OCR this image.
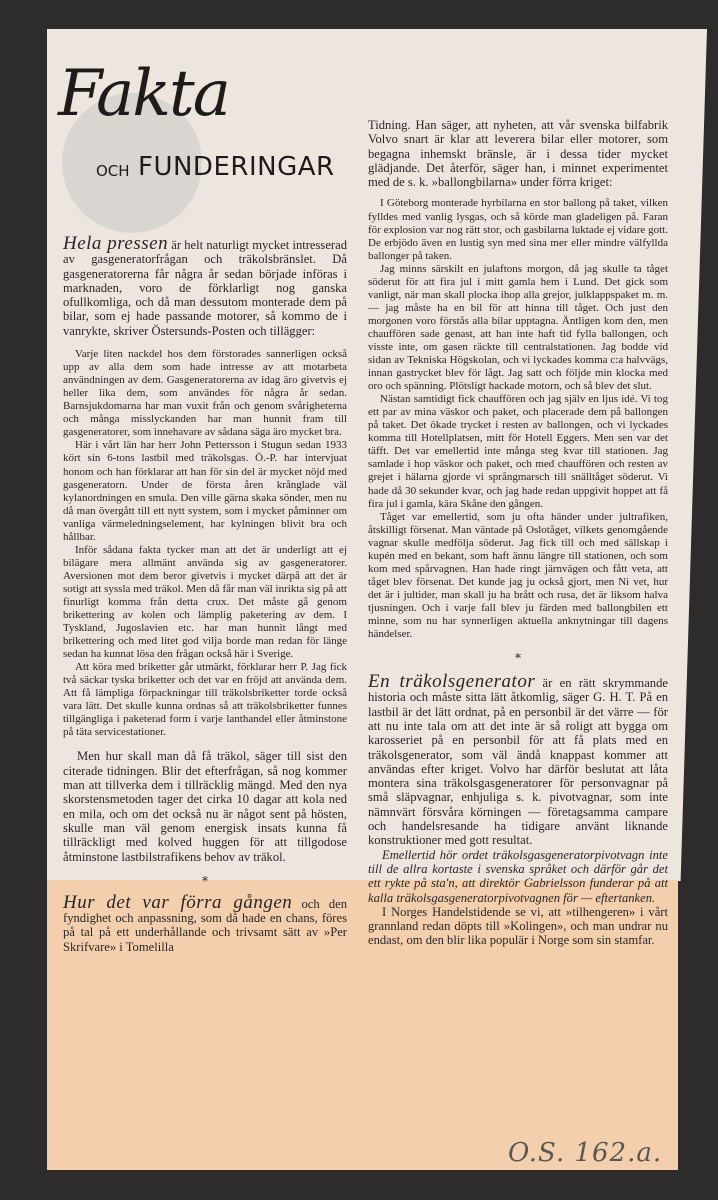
Fakta
OCH FUNDERINGAR

Hela pressen är helt naturligt mycket intresserad av gasgeneratorfrågan och träkolsbränslet. Då gasgeneratorerna får några år sedan började införas i marknaden, voro de förklarligt nog ganska ofullkomliga, och då man dessutom monterade dem på bilar, som ej hade passande motorer, så kommo de i vanrykte, skriver Östersunds-Posten och tillägger:

Varje liten nackdel hos dem förstorades sannerligen också upp av alla dem som hade intresse av att motarbeta användningen av dem. Gasgeneratorerna av idag äro givetvis ej heller lika dem, som användes för några år sedan. Barnsjukdomarna har man vuxit från och genom svårigheterna och många misslyckanden har man hunnit fram till gasgeneratorer, som innehavare av sådana säga äro mycket bra.

Här i vårt län har herr John Pettersson i Stugun sedan 1933 kört sin 6-tons lastbil med träkolsgas. Ö.-P. har intervjuat honom och han förklarar att han för sin del är mycket nöjd med gasgeneratorn. Under de första åren krånglade väl kylanordningen en smula. Den ville gärna skaka sönder, men nu då man övergått till ett nytt system, som i mycket påminner om vanliga värmeledningselement, har kylningen blivit bra och hållbar.

Inför sådana fakta tycker man att det är underligt att ej bilägare mera allmänt använda sig av gasgeneratorer. Aversionen mot dem beror givetvis i mycket därpå att det är sotigt att syssla med träkol. Men då får man väl inrikta sig på att finurligt komma från detta crux. Det måste gå genom brikettering av kolen och lämplig paketering av dem. I Tyskland, Jugoslavien etc. har man hunnit långt med brikettering och med litet god vilja borde man redan för länge sedan ha kunnat lösa den frågan också här i Sverige.

Att köra med briketter går utmärkt, förklarar herr P. Jag fick två säckar tyska briketter och det var en fröjd att använda dem. Att få lämpliga förpackningar till träkolsbriketter torde också vara lätt. Det skulle kunna ordnas så att träkolsbriketter funnes tillgängliga i paketerad form i varje lanthandel eller åtminstone på täta servicestationer.

Men hur skall man då få träkol, säger till sist den citerade tidningen. Blir det efterfrågan, så nog kommer man att tillverka dem i tillräcklig mängd. Med den nya skorstensmetoden tager det cirka 10 dagar att kola ned en mila, och om det också nu är något sent på hösten, skulle man väl genom energisk insats kunna få tillräckligt med kolved huggen för att tillgodose åtminstone lastbilstrafikens behov av träkol.

*

Hur det var förra gången och den fyndighet och anpassning, som då hade en chans, föres på tal på ett underhållande och trivsamt sätt av »Per Skrifvare» i Tomelilla

Tidning. Han säger, att nyheten, att vår svenska bilfabrik Volvo snart är klar att leverera bilar eller motorer, som begagna inhemskt bränsle, är i dessa tider mycket glädjande. Det återför, säger han, i minnet experimentet med de s. k. »ballongbilarna» under förra kriget:

I Göteborg monterade hyrbilarna en stor ballong på taket, vilken fylldes med vanlig lysgas, och så körde man gladeligen på. Faran för explosion var nog rätt stor, och gasbilarna luktade ej vidare gott. De erbjödo även en lustig syn med sina mer eller mindre välfyllda ballonger på taken.

Jag minns särskilt en julaftons morgon, då jag skulle ta tåget söderut för att fira jul i mitt gamla hem i Lund. Det gick som vanligt, när man skall plocka ihop alla grejor, julklappspaket m. m. — jag måste ha en bil för att hinna till tåget. Och just den morgonen voro förstås alla bilar upptagna. Äntligen kom den, men chauffören sade genast, att han inte haft tid fylla ballongen, och visste inte, om gasen räckte till centralstationen. Jag bodde vid sidan av Tekniska Högskolan, och vi lyckades komma c:a halvvägs, innan gastrycket blev för lågt. Jag satt och följde min klocka med oro och spänning. Plötsligt hackade motorn, och så blev det slut.

Nästan samtidigt fick chauffören och jag själv en ljus idé. Vi tog ett par av mina väskor och paket, och placerade dem på ballongen på taket. Det ökade trycket i resten av ballongen, och vi lyckades komma till Hotellplatsen, mitt för Hotell Eggers. Men sen var det täfft. Det var emellertid inte många steg kvar till stationen. Jag samlade i hop väskor och paket, och med chauffören och resten av grejet i hälarna gjorde vi språngmarsch till snälltåget söderut. Vi hade då 30 sekunder kvar, och jag hade redan uppgivit hoppet att få fira jul i gamla, kära Skåne den gången.

Tåget var emellertid, som ju ofta händer under jultrafiken, åtskilligt försenat. Man väntade på Oslotåget, vilkets genomgående vagnar skulle medfölja söderut. Jag fick till och med sällskap i kupén med en bekant, som haft ännu längre till stationen, och som kom med spårvagnen. Han hade ringt järnvägen och fått veta, att tåget blev försenat. Det kunde jag ju också gjort, men Ni vet, hur det är i jultider, man skall ju ha brått och rusa, det är liksom halva tjusningen. Och i varje fall blev ju färden med ballongbilen ett minne, som nu har synnerligen aktuella anknytningar till dagens händelser.

*

En träkolsgenerator är en rätt skrymmande historia och måste sitta lätt åtkomlig, säger G. H. T. På en lastbil är det lätt ordnat, på en personbil är det värre — för att nu inte tala om att det inte är så roligt att bygga om karosseriet på en personbil för att få plats med en träkolsgenerator, som väl ändå knappast kommer att användas efter kriget. Volvo har därför beslutat att låta montera sina träkolsgasgeneratorer för personvagnar på små släpvagnar, enhjuliga s. k. pivotvagnar, som inte nämnvärt försvåra körningen — företagsamma campare och handelsresande ha tidigare använt liknande konstruktioner med gott resultat.

Emellertid hör ordet träkolsgasgeneratorpivotvagn inte till de allra kortaste i svenska språket och därför går det ett rykte på sta'n, att direktör Gabrielsson funderar på att kalla träkolsgasgeneratorpivotvagnen för — eftertanken.

I Norges Handelstidende se vi, att »tilhengeren» i vårt grannland redan döpts till »Kolingen», och man undrar nu endast, om den blir lika populär i Norge som sin stamfar.

O.S. 162.a.
